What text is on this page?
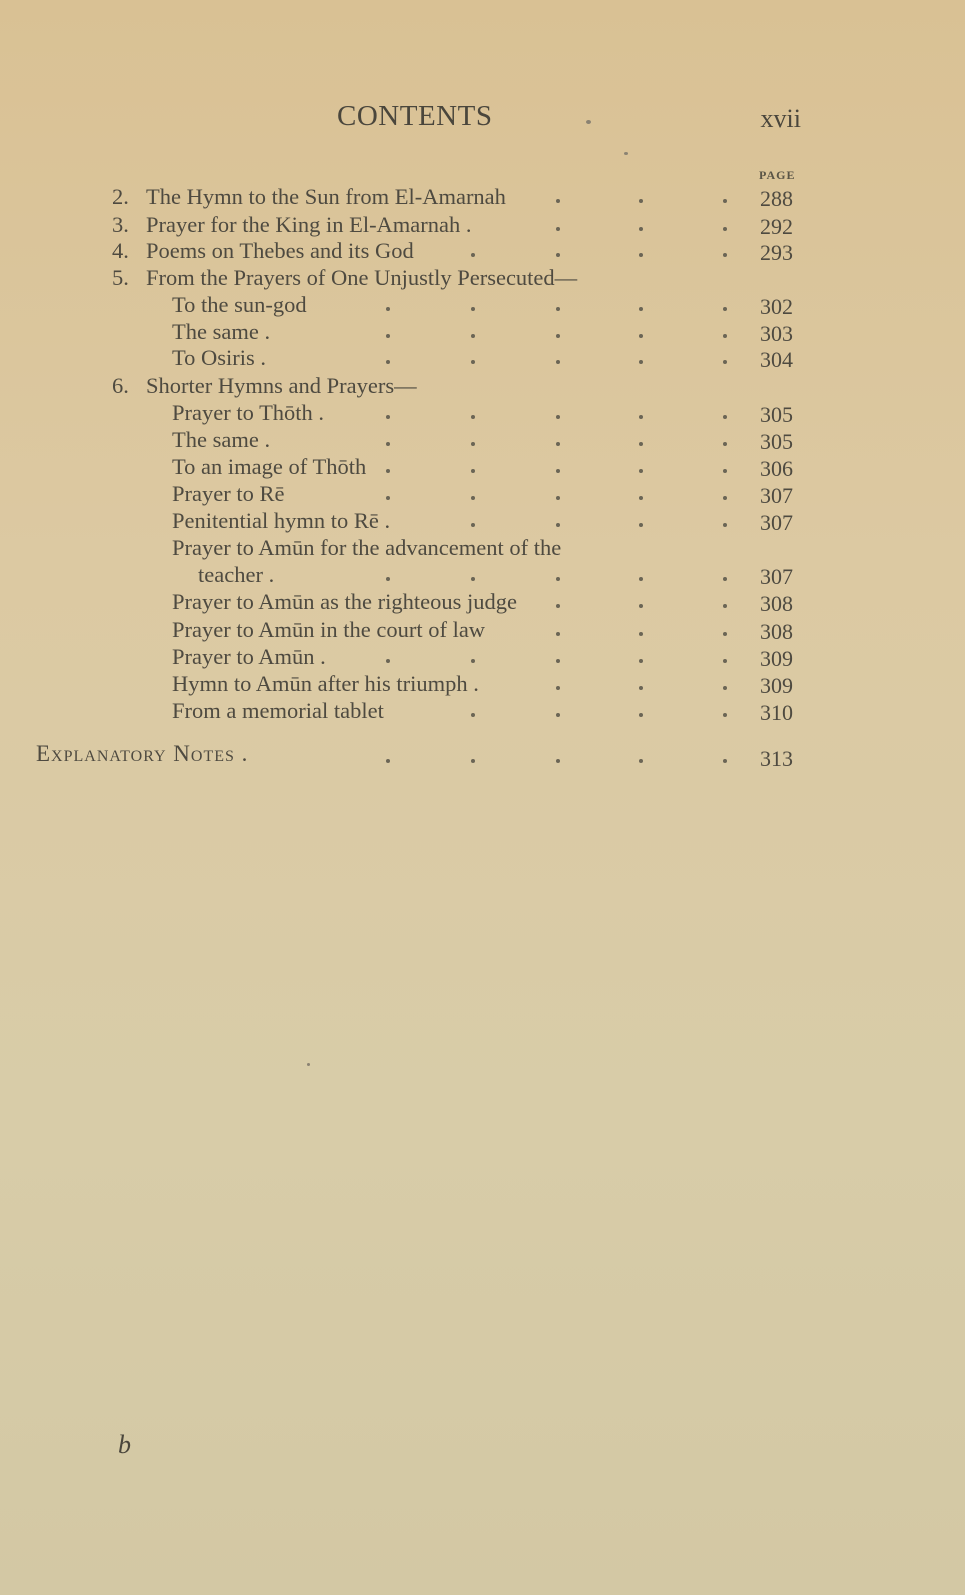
CONTENTS	xvii
PAGE
2. The Hymn to the Sun from El-Amarnah	288
3. Prayer for the King in El-Amarnah .	292
4. Poems on Thebes and its God	293
5. From the Prayers of One Unjustly Persecuted—
To the sun-god	302
The same .	303
To Osiris .	304
6. Shorter Hymns and Prayers—
Prayer to Thōth .	305
The same .	305
To an image of Thōth	306
Prayer to Rē	307
Penitential hymn to Rē .	307
Prayer to Amūn for the advancement of the
teacher .	307
Prayer to Amūn as the righteous judge	308
Prayer to Amūn in the court of law	308
Prayer to Amūn .	309
Hymn to Amūn after his triumph .	309
From a memorial tablet	310
Explanatory Notes .	313
b
